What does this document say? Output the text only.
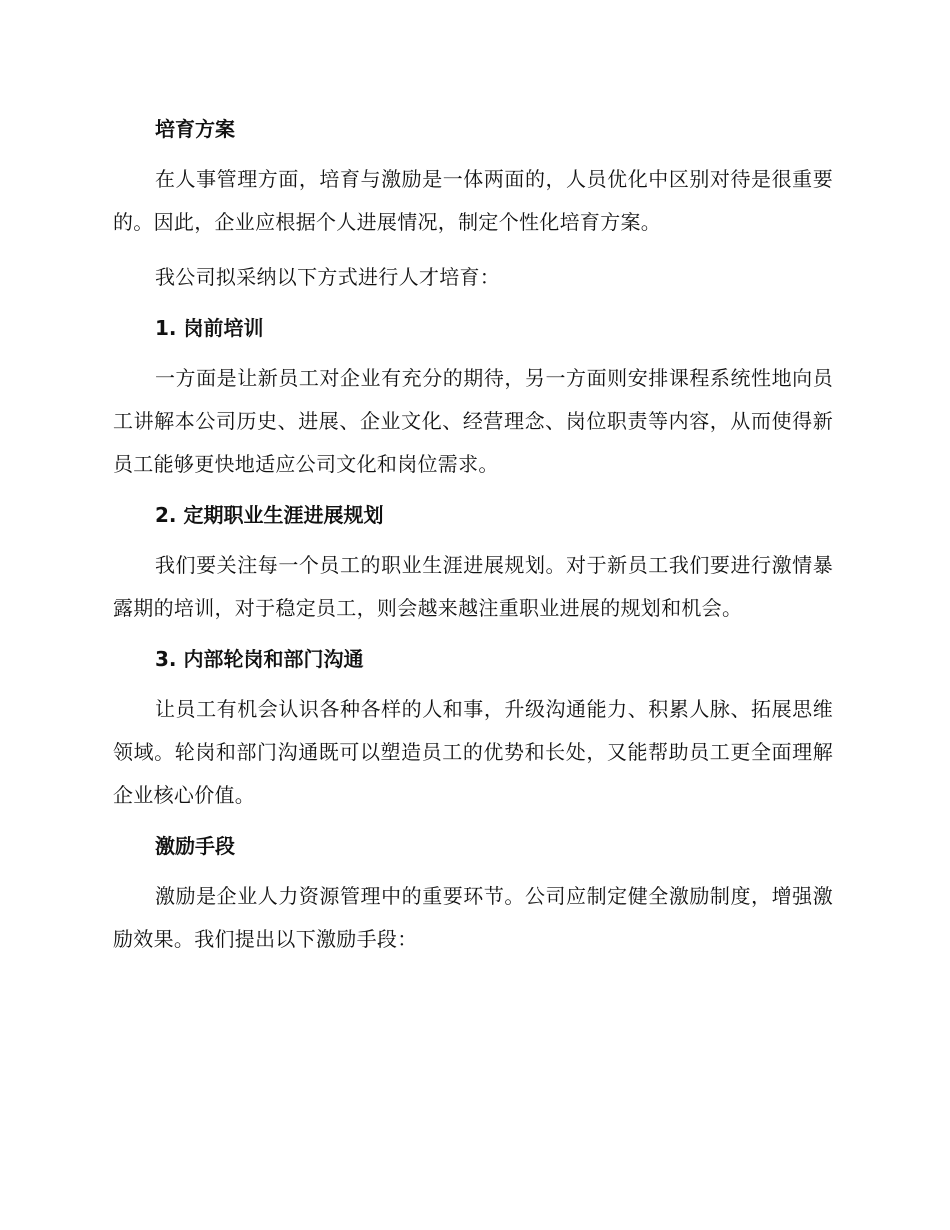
培育方案
在人事管理方面，培育与激励是一体两面的，人员优化中区别对待是很重要的。因此，企业应根据个人进展情况，制定个性化培育方案。
我公司拟采纳以下方式进行人才培育：
1. 岗前培训
一方面是让新员工对企业有充分的期待，另一方面则安排课程系统性地向员工讲解本公司历史、进展、企业文化、经营理念、岗位职责等内容，从而使得新员工能够更快地适应公司文化和岗位需求。
2. 定期职业生涯进展规划
我们要关注每一个员工的职业生涯进展规划。对于新员工我们要进行激情暴露期的培训，对于稳定员工，则会越来越注重职业进展的规划和机会。
3. 内部轮岗和部门沟通
让员工有机会认识各种各样的人和事，升级沟通能力、积累人脉、拓展思维领域。轮岗和部门沟通既可以塑造员工的优势和长处，又能帮助员工更全面理解企业核心价值。
激励手段
激励是企业人力资源管理中的重要环节。公司应制定健全激励制度，增强激励效果。我们提出以下激励手段：
